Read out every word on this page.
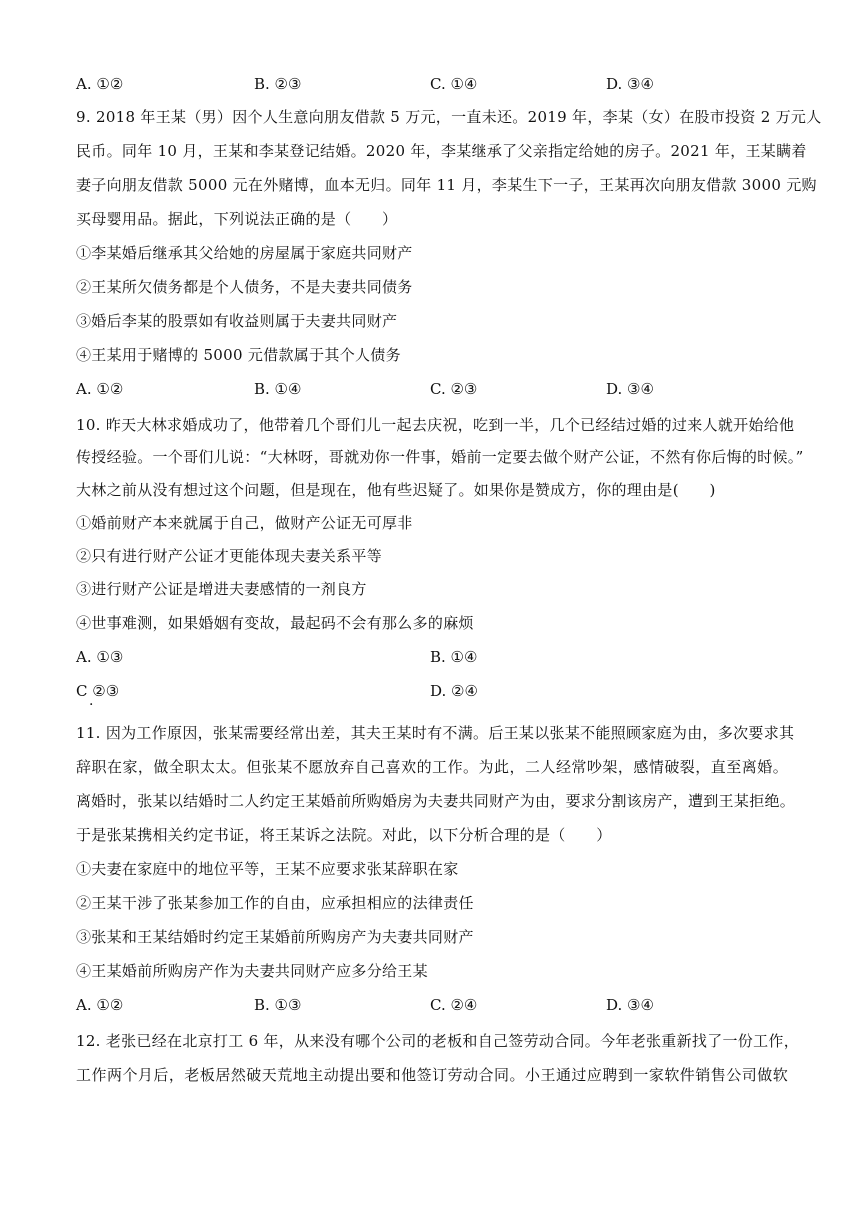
A. ①②	B. ②③	C. ①④	D. ③④
9. 2018 年王某（男）因个人生意向朋友借款 5 万元，一直未还。2019 年，李某（女）在股市投资 2 万元人
民币。同年 10 月，王某和李某登记结婚。2020 年，李某继承了父亲指定给她的房子。2021 年，王某瞒着
妻子向朋友借款 5000 元在外赌博，血本无归。同年 11 月，李某生下一子，王某再次向朋友借款 3000 元购
买母婴用品。据此，下列说法正确的是（　　）
①李某婚后继承其父给她的房屋属于家庭共同财产
②王某所欠债务都是个人债务，不是夫妻共同债务
③婚后李某的股票如有收益则属于夫妻共同财产
④王某用于赌博的 5000 元借款属于其个人债务
A. ①②	B. ①④	C. ②③	D. ③④
10. 昨天大林求婚成功了，他带着几个哥们儿一起去庆祝，吃到一半，几个已经结过婚的过来人就开始给他
传授经验。一个哥们儿说：“大林呀，哥就劝你一件事，婚前一定要去做个财产公证，不然有你后悔的时候。”
大林之前从没有想过这个问题，但是现在，他有些迟疑了。如果你是赞成方，你的理由是(　　)
①婚前财产本来就属于自己，做财产公证无可厚非
②只有进行财产公证才更能体现夫妻关系平等
③进行财产公证是增进夫妻感情的一剂良方
④世事难测，如果婚姻有变故，最起码不会有那么多的麻烦
A. ①③	B. ①④
C ②③
·
D. ②④
11. 因为工作原因，张某需要经常出差，其夫王某时有不满。后王某以张某不能照顾家庭为由，多次要求其
辞职在家，做全职太太。但张某不愿放弃自己喜欢的工作。为此，二人经常吵架，感情破裂，直至离婚。
离婚时，张某以结婚时二人约定王某婚前所购婚房为夫妻共同财产为由，要求分割该房产，遭到王某拒绝。
于是张某携相关约定书证，将王某诉之法院。对此，以下分析合理的是（　　）
①夫妻在家庭中的地位平等，王某不应要求张某辞职在家
②王某干涉了张某参加工作的自由，应承担相应的法律责任
③张某和王某结婚时约定王某婚前所购房产为夫妻共同财产
④王某婚前所购房产作为夫妻共同财产应多分给王某
A. ①②	B. ①③	C. ②④	D. ③④
12. 老张已经在北京打工 6 年，从来没有哪个公司的老板和自己签劳动合同。今年老张重新找了一份工作，
工作两个月后，老板居然破天荒地主动提出要和他签订劳动合同。小王通过应聘到一家软件销售公司做软
